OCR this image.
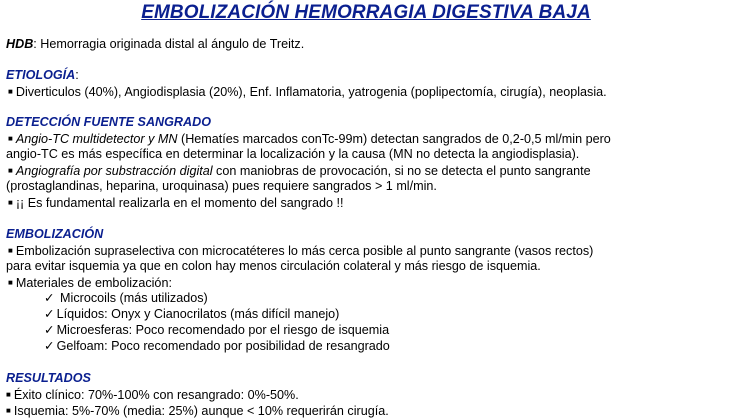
EMBOLIZACIÓN HEMORRAGIA DIGESTIVA BAJA
HDB: Hemorragia originada distal al ángulo de Treitz.
ETIOLOGÍA:
■ Diverticulos (40%), Angiodisplasia (20%), Enf. Inflamatoria, yatrogenia (poplipectomía, cirugía), neoplasia.
DETECCIÓN FUENTE SANGRADO
■ Angio-TC multidetector y MN (Hematíes marcados conTc-99m) detectan sangrados de 0,2-0,5 ml/min pero
angio-TC es más específica en determinar la localización y la causa (MN no detecta la angiodisplasia).
■ Angiografía por substracción digital con maniobras de provocación, si no se detecta el punto sangrante
(prostaglandinas, heparina, uroquinasa) pues requiere sangrados > 1 ml/min.
■ ¡¡ Es fundamental realizarla en el momento del sangrado !!
EMBOLIZACIÓN
■ Embolización supraselectiva con microcatéteres lo más cerca posible al punto sangrante (vasos rectos)
para evitar isquemia ya que en colon hay menos circulación colateral y más riesgo de isquemia.
■ Materiales de embolización:
✓ Microcoils (más utilizados)
✓ Líquidos: Onyx y Cianocrilatos (más difícil manejo)
✓ Microesferas: Poco recomendado por el riesgo de isquemia
✓ Gelfoam: Poco recomendado por posibilidad de resangrado
RESULTADOS
■ Éxito clínico: 70%-100% con resangrado: 0%-50%.
■ Isquemia: 5%-70% (media: 25%) aunque < 10% requerirán cirugía.
